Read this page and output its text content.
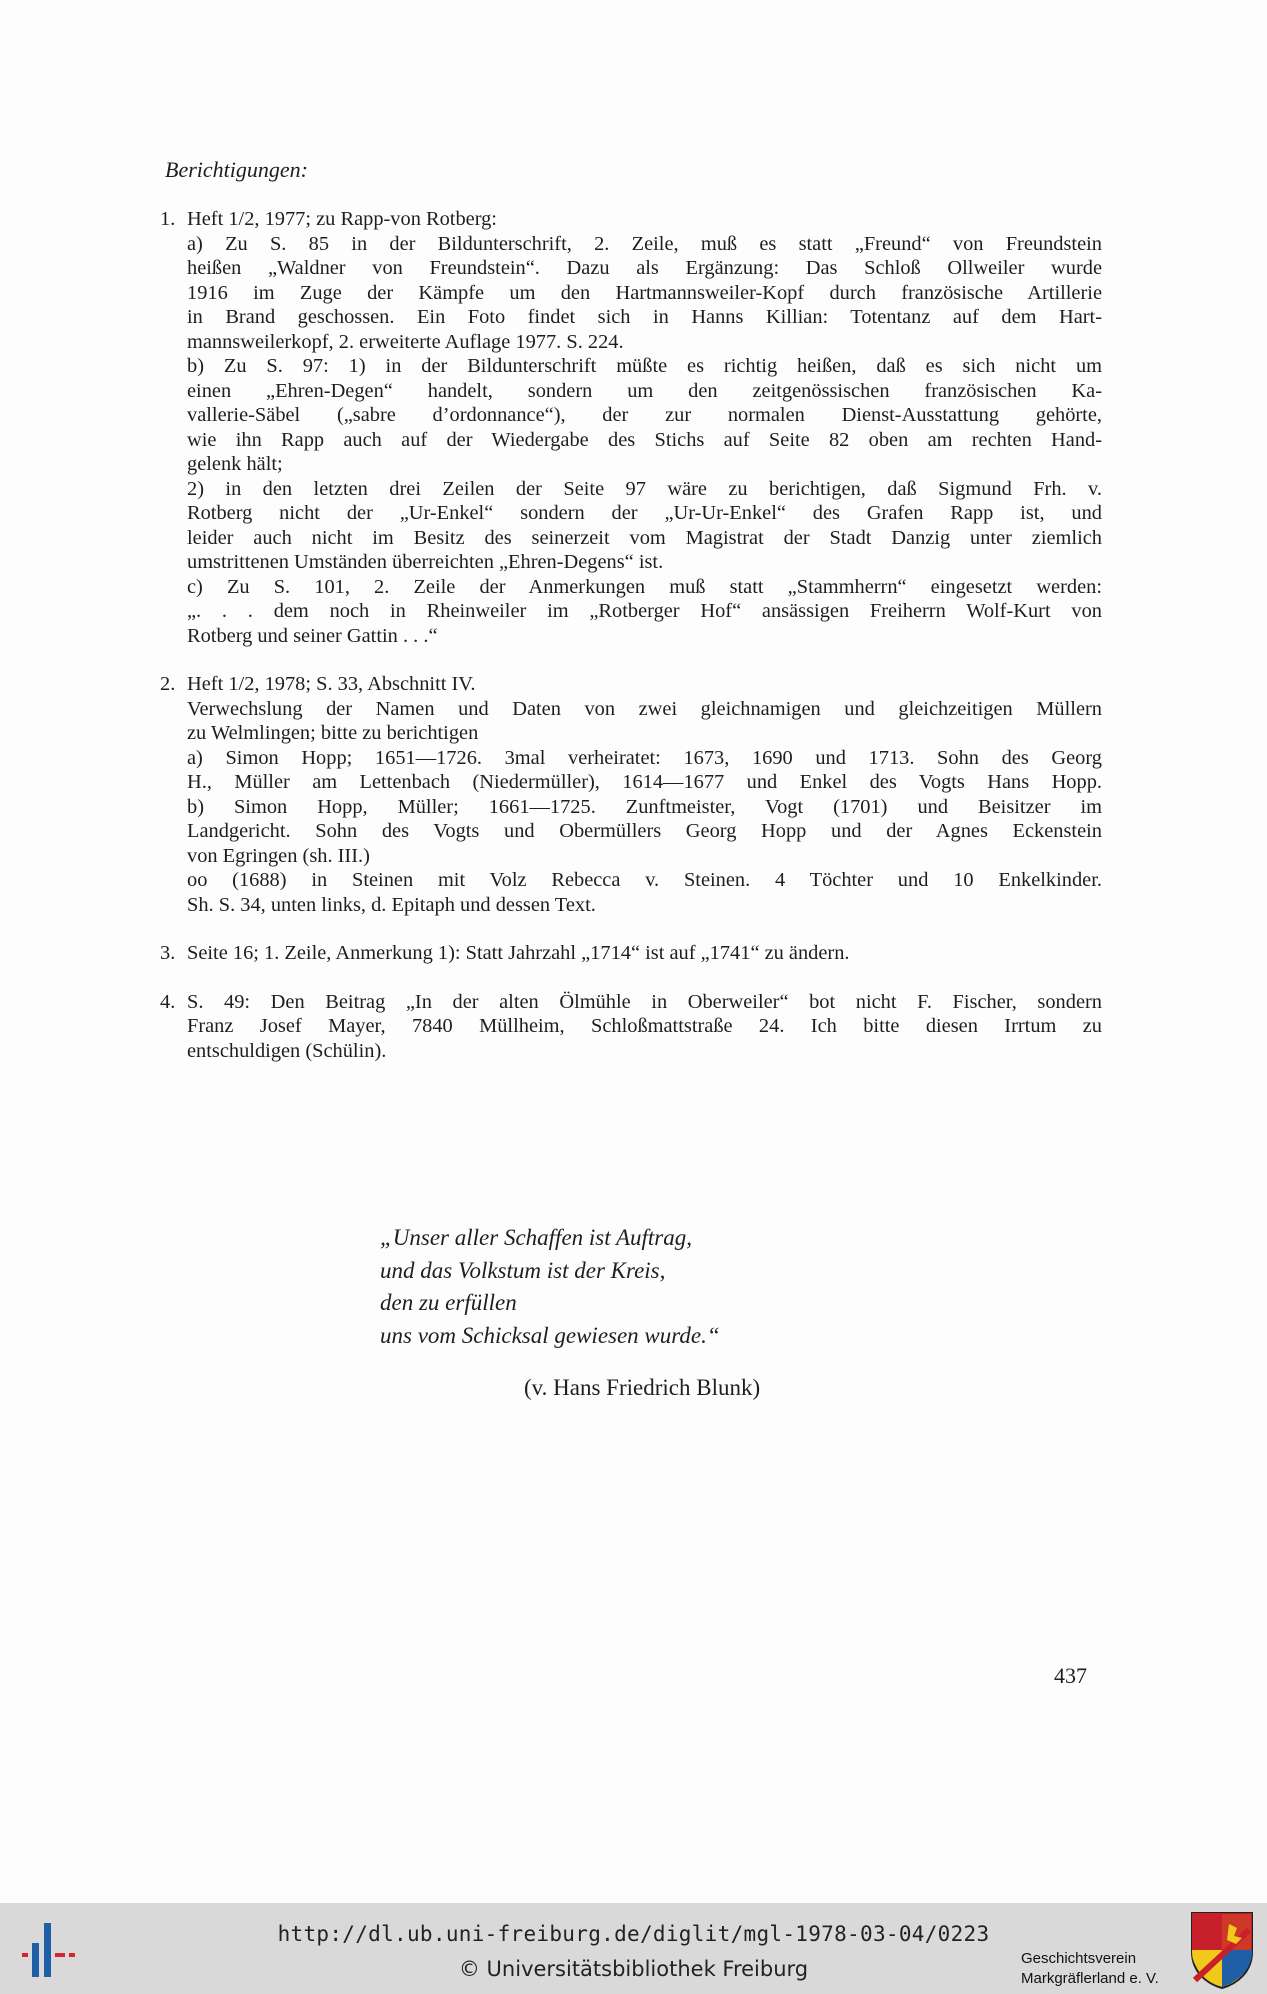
Berichtigungen:
1. Heft 1/2, 1977; zu Rapp-von Rotberg:
a) Zu S. 85 in der Bildunterschrift, 2. Zeile, muß es statt „Freund“ von Freundstein
heißen „Waldner von Freundstein“. Dazu als Ergänzung: Das Schloß Ollweiler wurde
1916 im Zuge der Kämpfe um den Hartmannsweiler-Kopf durch französische Artillerie
in Brand geschossen. Ein Foto findet sich in Hanns Killian: Totentanz auf dem Hart-
mannsweilerkopf, 2. erweiterte Auflage 1977. S. 224.
b) Zu S. 97: 1) in der Bildunterschrift müßte es richtig heißen, daß es sich nicht um
einen „Ehren-Degen“ handelt, sondern um den zeitgenössischen französischen Ka-
vallerie-Säbel („sabre d’ordonnance“), der zur normalen Dienst-Ausstattung gehörte,
wie ihn Rapp auch auf der Wiedergabe des Stichs auf Seite 82 oben am rechten Hand-
gelenk hält;
2) in den letzten drei Zeilen der Seite 97 wäre zu berichtigen, daß Sigmund Frh. v.
Rotberg nicht der „Ur-Enkel“ sondern der „Ur-Ur-Enkel“ des Grafen Rapp ist, und
leider auch nicht im Besitz des seinerzeit vom Magistrat der Stadt Danzig unter ziemlich
umstrittenen Umständen überreichten „Ehren-Degens“ ist.
c) Zu S. 101, 2. Zeile der Anmerkungen muß statt „Stammherrn“ eingesetzt werden:
„. . . dem noch in Rheinweiler im „Rotberger Hof“ ansässigen Freiherrn Wolf-Kurt von
Rotberg und seiner Gattin . . .“
2. Heft 1/2, 1978; S. 33, Abschnitt IV.
Verwechslung der Namen und Daten von zwei gleichnamigen und gleichzeitigen Müllern
zu Welmlingen; bitte zu berichtigen
a) Simon Hopp; 1651—1726. 3mal verheiratet: 1673, 1690 und 1713. Sohn des Georg
H., Müller am Lettenbach (Niedermüller), 1614—1677 und Enkel des Vogts Hans Hopp.
b) Simon Hopp, Müller; 1661—1725. Zunftmeister, Vogt (1701) und Beisitzer im
Landgericht. Sohn des Vogts und Obermüllers Georg Hopp und der Agnes Eckenstein
von Egringen (sh. III.)
oo (1688) in Steinen mit Volz Rebecca v. Steinen. 4 Töchter und 10 Enkelkinder.
Sh. S. 34, unten links, d. Epitaph und dessen Text.
3. Seite 16; 1. Zeile, Anmerkung 1): Statt Jahrzahl „1714“ ist auf „1741“ zu ändern.
4. S. 49: Den Beitrag „In der alten Ölmühle in Oberweiler“ bot nicht F. Fischer, sondern
Franz Josef Mayer, 7840 Müllheim, Schloßmattstraße 24. Ich bitte diesen Irrtum zu
entschuldigen (Schülin).
„Unser aller Schaffen ist Auftrag,
und das Volkstum ist der Kreis,
den zu erfüllen
uns vom Schicksal gewiesen wurde.“
(v. Hans Friedrich Blunk)
437
http://dl.ub.uni-freiburg.de/diglit/mgl-1978-03-04/0223
© Universitätsbibliothek Freiburg	Geschichtsverein
Markgräflerland e. V.
